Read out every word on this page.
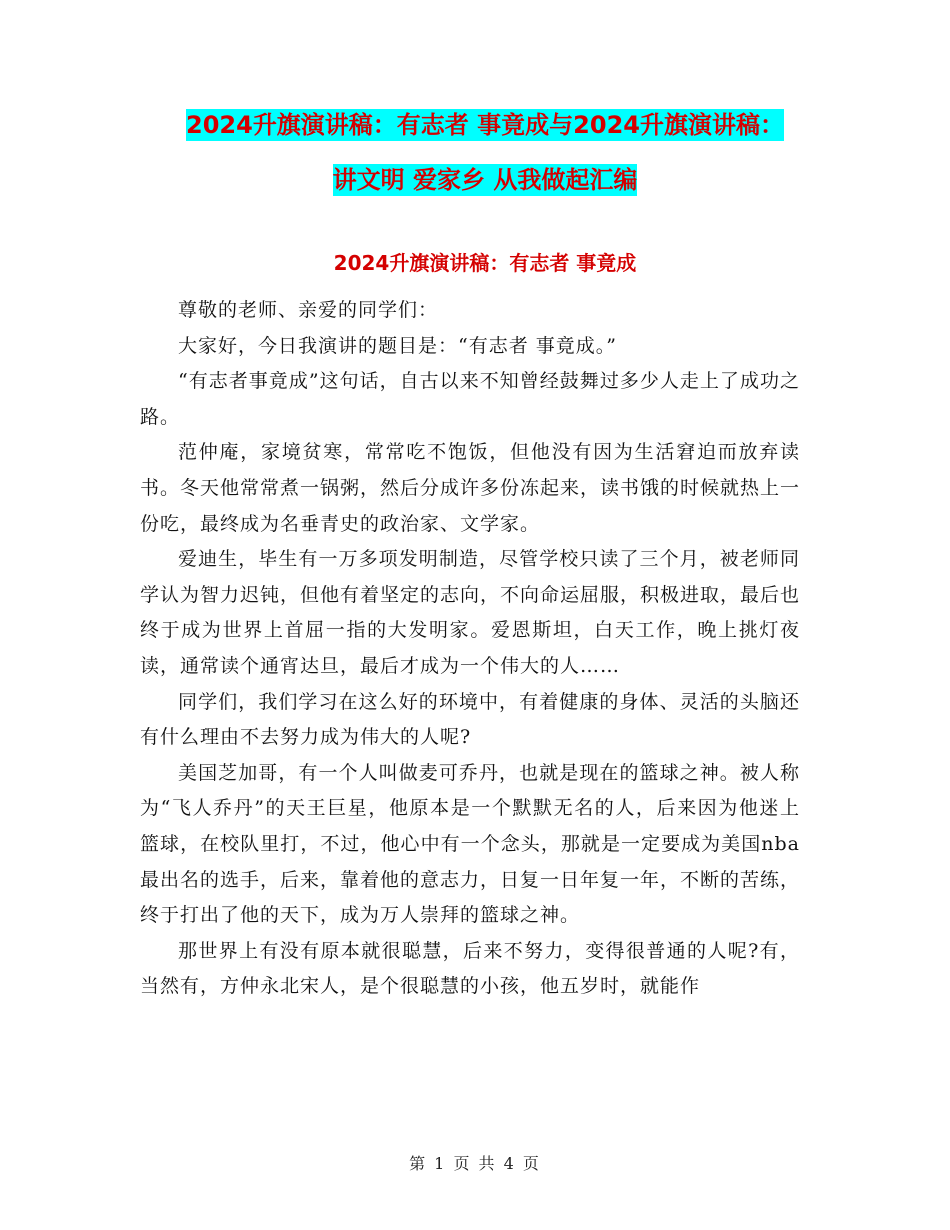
2024升旗演讲稿：有志者 事竟成与2024升旗演讲稿：
讲文明 爱家乡 从我做起汇编
2024升旗演讲稿：有志者 事竟成

尊敬的老师、亲爱的同学们：

大家好，今日我演讲的题目是：“有志者 事竟成。”

“有志者事竟成”这句话，自古以来不知曾经鼓舞过多少人走上了成功之路。

范仲庵，家境贫寒，常常吃不饱饭，但他没有因为生活窘迫而放弃读书。冬天他常常煮一锅粥，然后分成许多份冻起来，读书饿的时候就热上一份吃，最终成为名垂青史的政治家、文学家。

爱迪生，毕生有一万多项发明制造，尽管学校只读了三个月，被老师同学认为智力迟钝，但他有着坚定的志向，不向命运屈服，积极进取，最后也终于成为世界上首屈一指的大发明家。爱恩斯坦，白天工作，晚上挑灯夜读，通常读个通宵达旦，最后才成为一个伟大的人……

同学们，我们学习在这么好的环境中，有着健康的身体、灵活的头脑还有什么理由不去努力成为伟大的人呢?

美国芝加哥，有一个人叫做麦可乔丹，也就是现在的篮球之神。被人称为“飞人乔丹”的天王巨星，他原本是一个默默无名的人，后来因为他迷上篮球，在校队里打，不过，他心中有一个念头，那就是一定要成为美国nba最出名的选手，后来，靠着他的意志力，日复一日年复一年，不断的苦练，终于打出了他的天下，成为万人崇拜的篮球之神。

那世界上有没有原本就很聪慧，后来不努力，变得很普通的人呢?有，当然有，方仲永北宋人，是个很聪慧的小孩，他五岁时，就能作

第 1 页 共 4 页
